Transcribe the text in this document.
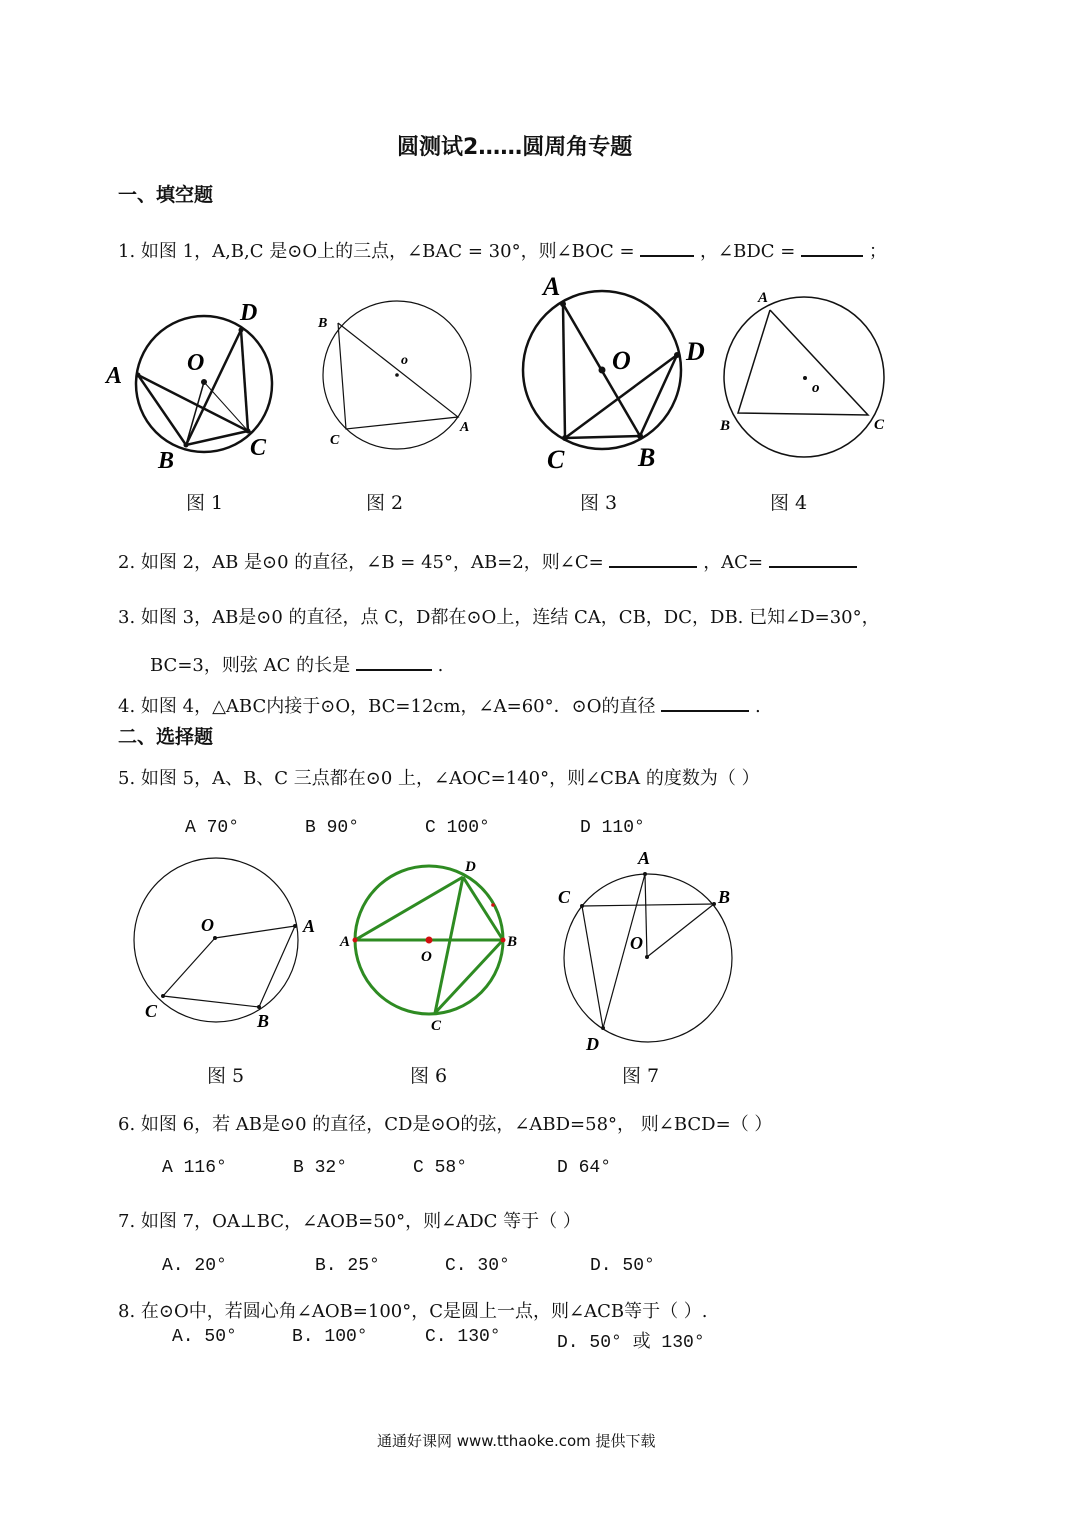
圆测试2……圆周角专题
一、填空题
1. 如图 1，A,B,C 是⊙O上的三点，∠BAC = 30°，则∠BOC =	，∠BDC =	；
A
B	C
D
O
B
A
C
o
A
C	B
D
O
A
B	C
o
图 1	图 2	图 3	图 4
2. 如图 2，AB 是⊙0 的直径，∠B = 45°，AB=2，则∠C=	，AC=
3. 如图 3，AB是⊙0 的直径，点 C，D都在⊙O上，连结 CA，CB，DC，DB. 已知∠D=30°，
BC=3，则弦 AC 的长是	.
4. 如图 4，△ABC内接于⊙O，BC=12cm，∠A=60°．⊙O的直径	.
二、选择题
5. 如图 5，A、B、C 三点都在⊙0 上，∠AOC=140°，则∠CBA 的度数为（ ）
A 70°	B 90°	C 100°	D 110°
O	A
B
C
A	B
C
D
O
A
B
C
D
O
图 5	图 6	图 7
6. 如图 6，若 AB是⊙0 的直径，CD是⊙O的弦，∠ABD=58°， 则∠BCD=（ ）
A 116°	B 32°	C 58°	D 64°
7. 如图 7，OA⊥BC，∠AOB=50°，则∠ADC 等于（ ）
A. 20°	B. 25°	C. 30°	D. 50°
8. 在⊙O中，若圆心角∠AOB=100°，C是圆上一点，则∠ACB等于（ ）.
A. 50°	B. 100°	C. 130°	D. 50° 或 130°
通通好课网 www.tthaoke.com 提供下载
